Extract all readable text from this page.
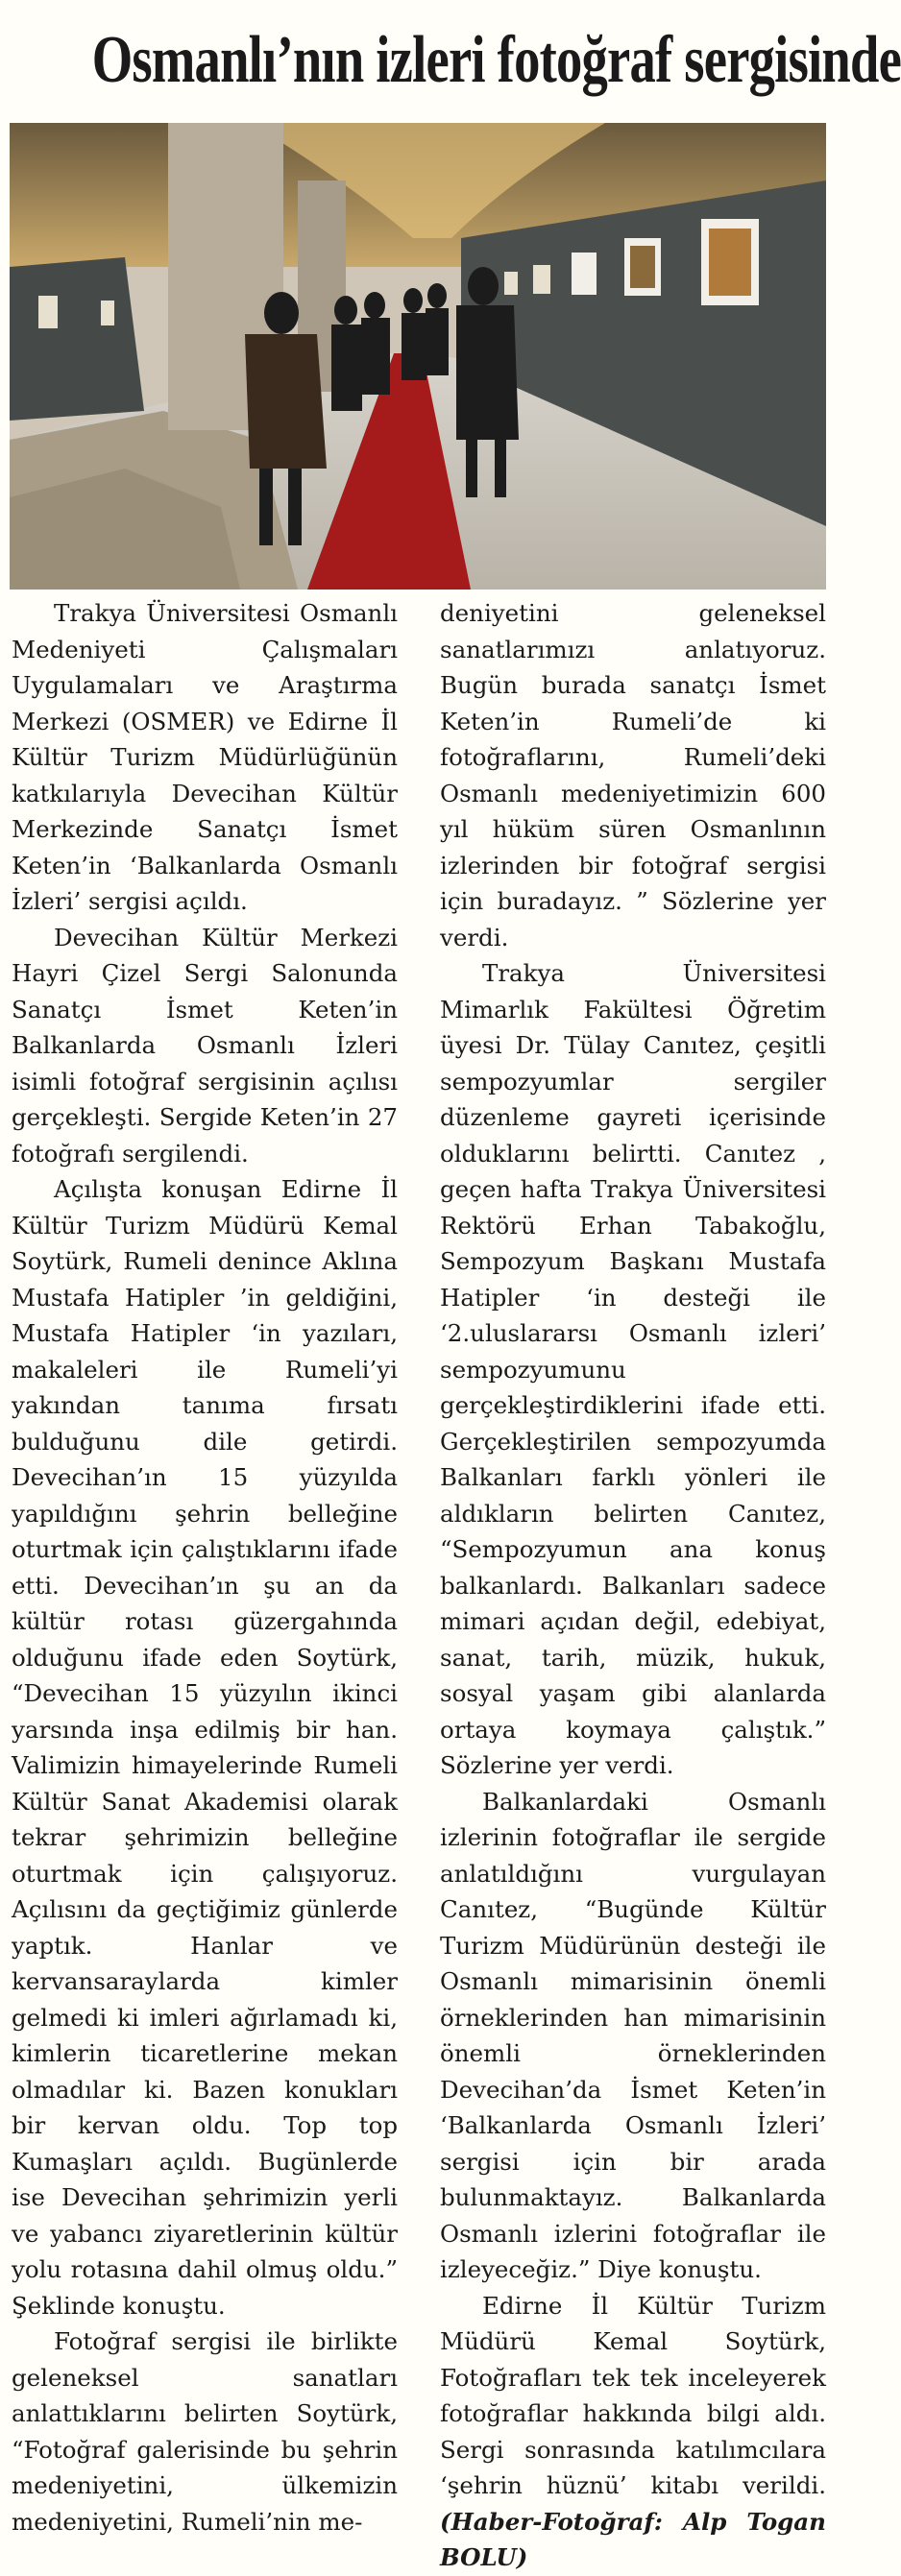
Osmanlı’nın izleri fotoğraf sergisinde

Trakya Üniversitesi Osmanlı Medeniyeti Çalışmaları Uygulamaları ve Araştırma Merkezi (OSMER) ve Edirne İl Kültür Turizm Müdürlüğünün katkılarıyla Devecihan Kültür Merkezinde Sanatçı İsmet Keten’in ‘Balkanlarda Osmanlı İzleri’ sergisi açıldı.

Devecihan Kültür Merkezi Hayri Çizel Sergi Salonunda Sanatçı İsmet Keten’in Balkanlarda Osmanlı İzleri isimli fotoğraf sergisinin açılısı gerçekleşti. Sergide Keten’in 27 fotoğrafı sergilendi.

Açılışta konuşan Edirne İl Kültür Turizm Müdürü Kemal Soytürk, Rumeli denince Aklına Mustafa Hatipler ’in geldiğini, Mustafa Hatipler ‘in yazıları, makaleleri ile Rumeli’yi yakından tanıma fırsatı bulduğunu dile getirdi. Devecihan’ın 15 yüzyılda yapıldığını şehrin belleğine oturtmak için çalıştıklarını ifade etti. Devecihan’ın şu an da kültür rotası güzergahında olduğunu ifade eden Soytürk, “Devecihan 15 yüzyılın ikinci yarsında inşa edilmiş bir han. Valimizin himayelerinde Rumeli Kültür Sanat Akademisi olarak tekrar şehrimizin belleğine oturtmak için çalışıyoruz. Açılısını da geçtiğimiz günlerde yaptık. Hanlar ve kervansaraylarda kimler gelmedi ki imleri ağırlamadı ki, kimlerin ticaretlerine mekan olmadılar ki. Bazen konukları bir kervan oldu. Top top Kumaşları açıldı. Bugünlerde ise Devecihan şehrimizin yerli ve yabancı ziyaretlerinin kültür yolu rotasına dahil olmuş oldu.” Şeklinde konuştu.

Fotoğraf sergisi ile birlikte geleneksel sanatları anlattıklarını belirten Soytürk, “Fotoğraf galerisinde bu şehrin medeniyetini, ülkemizin medeniyetini, Rumeli’nin me-

deniyetini geleneksel sanatlarımızı anlatıyoruz. Bugün burada sanatçı İsmet Keten’in Rumeli’de ki fotoğraflarını, Rumeli’deki Osmanlı medeniyetimizin 600 yıl hüküm süren Osmanlının izlerinden bir fotoğraf sergisi için buradayız. ” Sözlerine yer verdi.

Trakya Üniversitesi Mimarlık Fakültesi Öğretim üyesi Dr. Tülay Canıtez, çeşitli sempozyumlar sergiler düzenleme gayreti içerisinde olduklarını belirtti. Canıtez , geçen hafta Trakya Üniversitesi Rektörü Erhan Tabakoğlu, Sempozyum Başkanı Mustafa Hatipler ‘in desteği ile ‘2.uluslararsı Osmanlı izleri’ sempozyumunu gerçekleştirdiklerini ifade etti. Gerçekleştirilen sempozyumda Balkanları farklı yönleri ile aldıkların belirten Canıtez, “Sempozyumun ana konuş balkanlardı. Balkanları sadece mimari açıdan değil, edebiyat, sanat, tarih, müzik, hukuk, sosyal yaşam gibi alanlarda ortaya koymaya çalıştık.” Sözlerine yer verdi.

Balkanlardaki Osmanlı izlerinin fotoğraflar ile sergide anlatıldığını vurgulayan Canıtez, “Bugünde Kültür Turizm Müdürünün desteği ile Osmanlı mimarisinin önemli örneklerinden han mimarisinin önemli örneklerinden Devecihan’da İsmet Keten’in ‘Balkanlarda Osmanlı İzleri’ sergisi için bir arada bulunmaktayız. Balkanlarda Osmanlı izlerini fotoğraflar ile izleyeceğiz.” Diye konuştu.

Edirne İl Kültür Turizm Müdürü Kemal Soytürk, Fotoğrafları tek tek inceleyerek fotoğraflar hakkında bilgi aldı. Sergi sonrasında katılımcılara ‘şehrin hüznü’ kitabı verildi. (Haber-Fotoğraf: Alp Togan BOLU)
